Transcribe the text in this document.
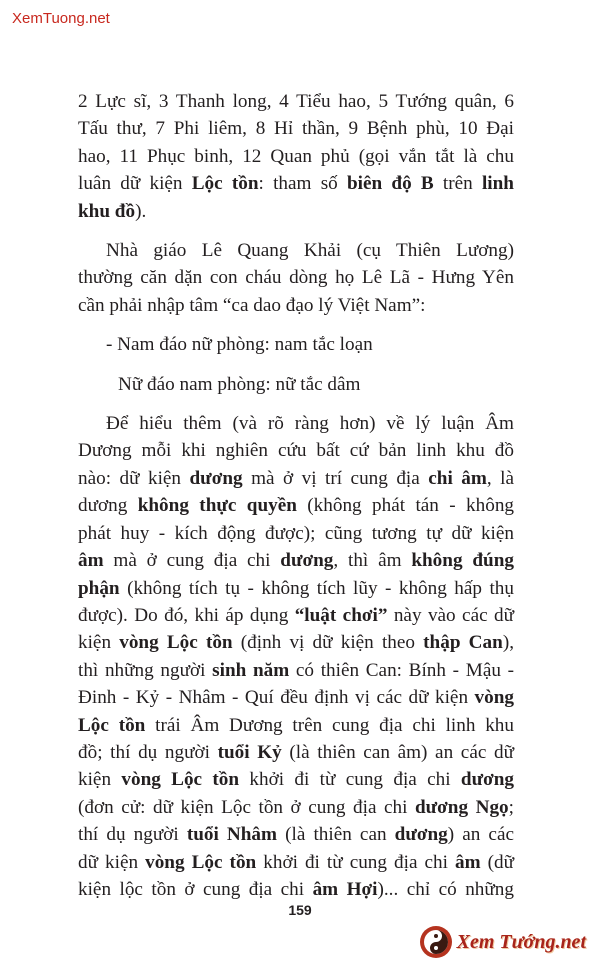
XemTuong.net
2 Lực sĩ, 3 Thanh long, 4 Tiểu hao, 5 Tướng quân, 6
Tấu thư, 7 Phi liêm, 8 Hỉ thần, 9 Bệnh phù, 10 Đại
hao, 11 Phục binh, 12 Quan phủ (gọi vắn tắt là chu
luân dữ kiện Lộc tồn: tham số biên độ B trên linh
khu đồ).
Nhà giáo Lê Quang Khải (cụ Thiên Lương)
thường căn dặn con cháu dòng họ Lê Lã - Hưng Yên
cần phải nhập tâm “ca dao đạo lý Việt Nam”:
- Nam đáo nữ phòng: nam tắc loạn
Nữ đáo nam phòng: nữ tắc dâm
Để hiểu thêm (và rõ ràng hơn) về lý luận Âm
Dương mỗi khi nghiên cứu bất cứ bản linh khu đồ
nào: dữ kiện dương mà ở vị trí cung địa chi âm, là
dương không thực quyền (không phát tán - không
phát huy - kích động được); cũng tương tự dữ kiện
âm mà ở cung địa chi dương, thì âm không đúng
phận (không tích tụ - không tích lũy - không hấp thụ
được). Do đó, khi áp dụng “luật chơi” này vào các dữ
kiện vòng Lộc tồn (định vị dữ kiện theo thập Can),
thì những người sinh năm có thiên Can: Bính - Mậu -
Đinh - Kỷ - Nhâm - Quí đều định vị các dữ kiện vòng
Lộc tồn trái Âm Dương trên cung địa chi linh khu
đồ; thí dụ người tuổi Kỷ (là thiên can âm) an các dữ
kiện vòng Lộc tồn khởi đi từ cung địa chi dương
(đơn cử: dữ kiện Lộc tồn ở cung địa chi dương Ngọ;
thí dụ người tuổi Nhâm (là thiên can dương) an các
dữ kiện vòng Lộc tồn khởi đi từ cung địa chi âm (dữ
kiện lộc tồn ở cung địa chi âm Hợi)... chỉ có những
159
Xem Tướng.net
